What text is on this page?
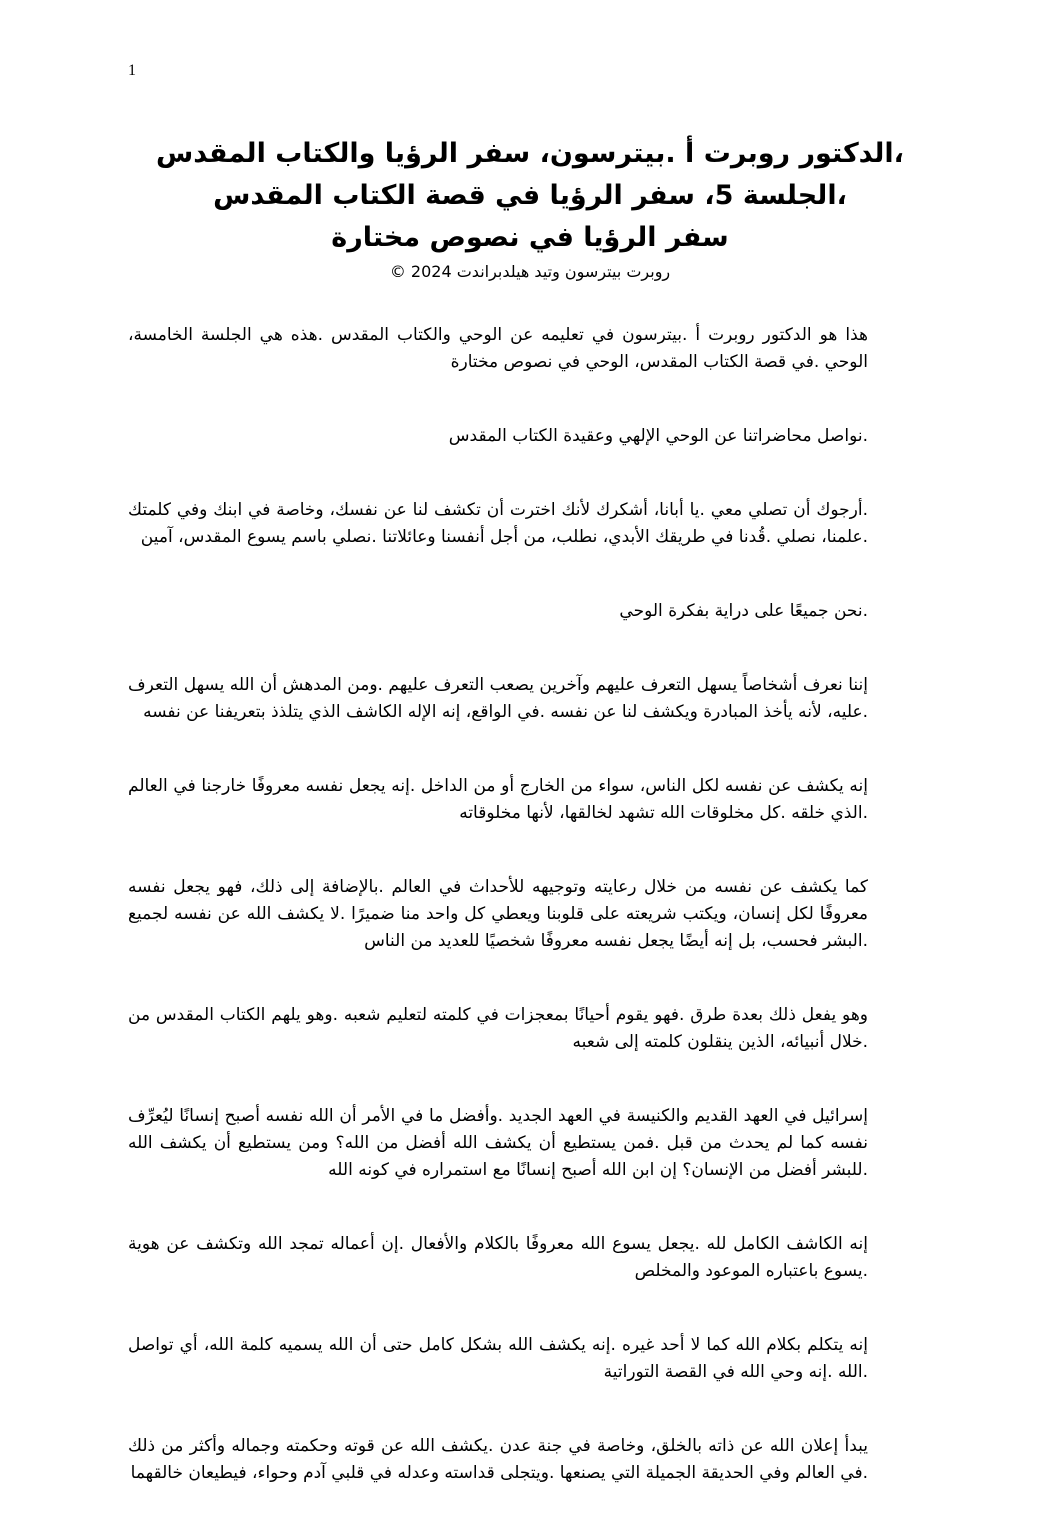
1
،الدكتور روبرت أ .بيترسون، سفر الرؤيا والكتاب المقدس
،الجلسة 5، سفر الرؤيا في قصة الكتاب المقدس
سفر الرؤيا في نصوص مختارة

روبرت بيترسون وتيد هيلدبراندت 2024 ©

هذا هو الدكتور روبرت أ .بيترسون في تعليمه عن الوحي والكتاب المقدس .هذه هي الجلسة الخامسة، الوحي .في قصة الكتاب المقدس، الوحي في نصوص مختارة

.نواصل محاضراتنا عن الوحي الإلهي وعقيدة الكتاب المقدس

.أرجوك أن تصلي معي .يا أبانا، أشكرك لأنك اخترت أن تكشف لنا عن نفسك، وخاصة في ابنك وفي كلمتك .علمنا، نصلي .قُدنا في طريقك الأبدي، نطلب، من أجل أنفسنا وعائلاتنا .نصلي باسم يسوع المقدس، آمين

.نحن جميعًا على دراية بفكرة الوحي

إننا نعرف أشخاصاً يسهل التعرف عليهم وآخرين يصعب التعرف عليهم .ومن المدهش أن الله يسهل التعرف .عليه، لأنه يأخذ المبادرة ويكشف لنا عن نفسه .في الواقع، إنه الإله الكاشف الذي يتلذذ بتعريفنا عن نفسه

إنه يكشف عن نفسه لكل الناس، سواء من الخارج أو من الداخل .إنه يجعل نفسه معروفًا خارجنا في العالم .الذي خلقه .كل مخلوقات الله تشهد لخالقها، لأنها مخلوقاته

كما يكشف عن نفسه من خلال رعايته وتوجيهه للأحداث في العالم .بالإضافة إلى ذلك، فهو يجعل نفسه معروفًا لكل إنسان، ويكتب شريعته على قلوبنا ويعطي كل واحد منا ضميرًا .لا يكشف الله عن نفسه لجميع .البشر فحسب، بل إنه أيضًا يجعل نفسه معروفًا شخصيًا للعديد من الناس

وهو يفعل ذلك بعدة طرق .فهو يقوم أحيانًا بمعجزات في كلمته لتعليم شعبه .وهو يلهم الكتاب المقدس من .خلال أنبيائه، الذين ينقلون كلمته إلى شعبه

إسرائيل في العهد القديم والكنيسة في العهد الجديد .وأفضل ما في الأمر أن الله نفسه أصبح إنسانًا ليُعرِّف نفسه كما لم يحدث من قبل .فمن يستطيع أن يكشف الله أفضل من الله؟ ومن يستطيع أن يكشف الله .للبشر أفضل من الإنسان؟ إن ابن الله أصبح إنسانًا مع استمراره في كونه الله

إنه الكاشف الكامل لله .يجعل يسوع الله معروفًا بالكلام والأفعال .إن أعماله تمجد الله وتكشف عن هوية .يسوع باعتباره الموعود والمخلص

إنه يتكلم بكلام الله كما لا أحد غيره .إنه يكشف الله بشكل كامل حتى أن الله يسميه كلمة الله، أي تواصل .الله .إنه وحي الله في القصة التوراتية

يبدأ إعلان الله عن ذاته بالخلق، وخاصة في جنة عدن .يكشف الله عن قوته وحكمته وجماله وأكثر من ذلك .في العالم وفي الحديقة الجميلة التي يصنعها .ويتجلى قداسته وعدله في قلبي آدم وحواء، فيطيعان خالقهما
